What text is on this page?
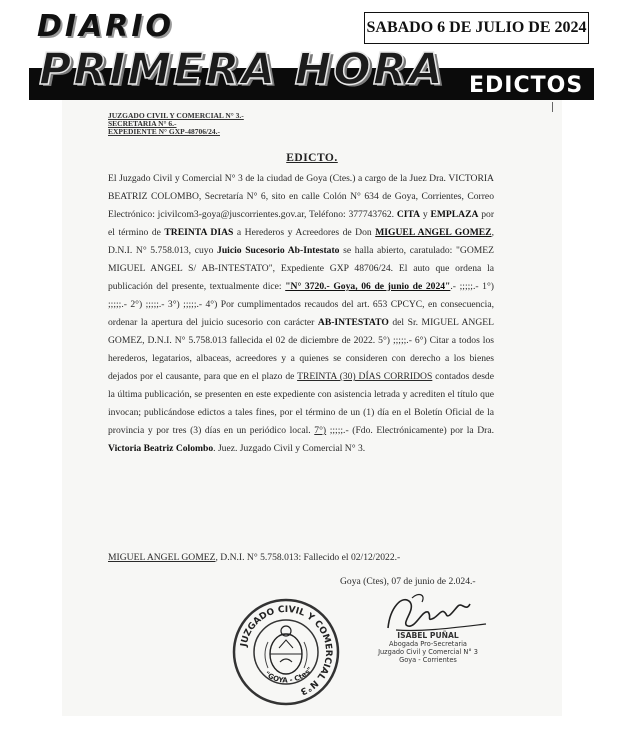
DIARIO	SABADO 6 DE JULIO DE 2024
PRIMERA HORA EDICTOS
JUZGADO CIVIL Y COMERCIAL N° 3.-
SECRETARIA N° 6.-
EXPEDIENTE N° GXP-48706/24.-
EDICTO.
El Juzgado Civil y Comercial N° 3 de la ciudad de Goya (Ctes.) a cargo de la Juez Dra. VICTORIA BEATRIZ COLOMBO, Secretaría N° 6, sito en calle Colón N° 634 de Goya, Corrientes, Correo Electrónico: jcivilcom3-goya@juscorrientes.gov.ar, Teléfono: 377743762. CITA y EMPLAZA por el término de TREINTA DIAS a Herederos y Acreedores de Don MIGUEL ANGEL GOMEZ, D.N.I. N° 5.758.013, cuyo Juicio Sucesorio Ab-Intestato se halla abierto, caratulado: "GOMEZ MIGUEL ANGEL S/ AB-INTESTATO", Expediente GXP 48706/24. El auto que ordena la publicación del presente, textualmente dice: "N° 3720.- Goya, 06 de junio de 2024".- ;;;;;.- 1°) ;;;;;.- 2°) ;;;;;.- 3°) ;;;;;.- 4°) Por cumplimentados recaudos del art. 653 CPCYC, en consecuencia, ordenar la apertura del juicio sucesorio con carácter AB-INTESTATO del Sr. MIGUEL ANGEL GOMEZ, D.N.I. N° 5.758.013 fallecida el 02 de diciembre de 2022. 5°) ;;;;;.- 6°) Citar a todos los herederos, legatarios, albaceas, acreedores y a quienes se consideren con derecho a los bienes dejados por el causante, para que en el plazo de TREINTA (30) DÍAS CORRIDOS contados desde la última publicación, se presenten en este expediente con asistencia letrada y acrediten el título que invocan; publicándose edictos a tales fines, por el término de un (1) día en el Boletín Oficial de la provincia y por tres (3) días en un periódico local. 7°) ;;;;;.- (Fdo. Electrónicamente) por la Dra. Victoria Beatriz Colombo. Juez. Juzgado Civil y Comercial N° 3.
MIGUEL ANGEL GOMEZ, D.N.I. N° 5.758.013: Fallecido el 02/12/2022.-
Goya (Ctes), 07 de junio de 2.024.-
JUZGADO CIVIL Y COMERCIAL N°3
"GOYA - Ctes"
ISABEL PUÑAL
Abogada Pro-Secretaria
Juzgado Civil y Comercial N° 3
Goya - Corrientes
